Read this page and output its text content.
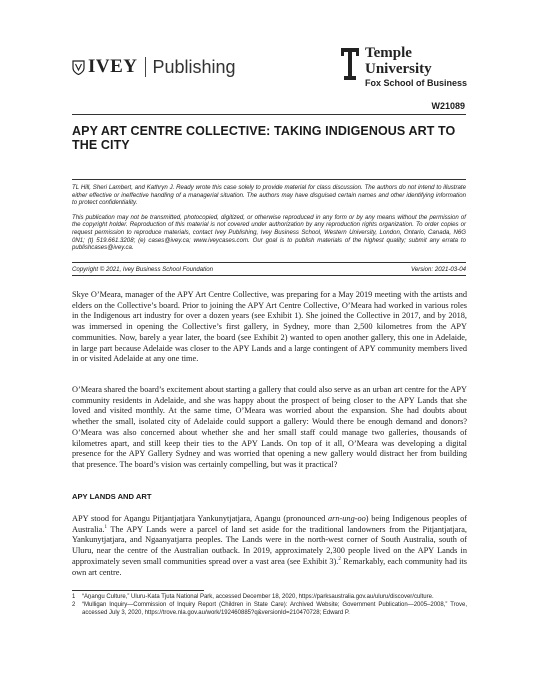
IVEY Publishing
Temple
University
Fox School of Business
W21089
APY ART CENTRE COLLECTIVE: TAKING INDIGENOUS ART TO THE CITY

TL Hill, Sheri Lambert, and Kathryn J. Ready wrote this case solely to provide material for class discussion. The authors do not intend to illustrate either effective or ineffective handling of a managerial situation. The authors may have disguised certain names and other identifying information to protect confidentiality.

This publication may not be transmitted, photocopied, digitized, or otherwise reproduced in any form or by any means without the permission of the copyright holder. Reproduction of this material is not covered under authorization by any reproduction rights organization. To order copies or request permission to reproduce materials, contact Ivey Publishing, Ivey Business School, Western University, London, Ontario, Canada, N6G 0N1; (t) 519.661.3208; (e) cases@ivey.ca; www.iveycases.com. Our goal is to publish materials of the highest quality; submit any errata to publishcases@ivey.ca.

Copyright © 2021, Ivey Business School Foundation	Version: 2021-03-04

Skye O’Meara, manager of the APY Art Centre Collective, was preparing for a May 2019 meeting with the artists and elders on the Collective’s board. Prior to joining the APY Art Centre Collective, O’Meara had worked in various roles in the Indigenous art industry for over a dozen years (see Exhibit 1). She joined the Collective in 2017, and by 2018, was immersed in opening the Collective’s first gallery, in Sydney, more than 2,500 kilometres from the APY communities. Now, barely a year later, the board (see Exhibit 2) wanted to open another gallery, this one in Adelaide, in large part because Adelaide was closer to the APY Lands and a large contingent of APY community members lived in or visited Adelaide at any one time.

O’Meara shared the board’s excitement about starting a gallery that could also serve as an urban art centre for the APY community residents in Adelaide, and she was happy about the prospect of being closer to the APY Lands that she loved and visited monthly. At the same time, O’Meara was worried about the expansion. She had doubts about whether the small, isolated city of Adelaide could support a gallery: Would there be enough demand and donors? O’Meara was also concerned about whether she and her small staff could manage two galleries, thousands of kilometres apart, and still keep their ties to the APY Lands. On top of it all, O’Meara was developing a digital presence for the APY Gallery Sydney and was worried that opening a new gallery would distract her from building that presence. The board’s vision was certainly compelling, but was it practical?

APY LANDS AND ART

APY stood for Aṉangu Pitjantjatjara Yankunytjatjara, Aṉangu (pronounced arn-ung-oo) being Indigenous peoples of Australia.$^1$ The APY Lands were a parcel of land set aside for the traditional landowners from the Pitjantjatjara, Yankunytjatjara, and Ngaanyatjarra peoples. The Lands were in the north-west corner of South Australia, south of Uluru, near the centre of the Australian outback. In 2019, approximately 2,300 people lived on the APY Lands in approximately seven small communities spread over a vast area (see Exhibit 3).$^2$ Remarkably, each community had its own art centre.

1	“Aṉangu Culture,” Uluru-Kata Tjuta National Park, accessed December 18, 2020, https://parksaustralia.gov.au/uluru/discover/culture.
2	“Mulligan Inquiry—Commission of Inquiry Report (Children in State Care): Archived Website; Government Publication—2005–2008,” Trove, accessed July 3, 2020, https://trove.nla.gov.au/work/192460885?q&versionId=210470728; Edward P.
